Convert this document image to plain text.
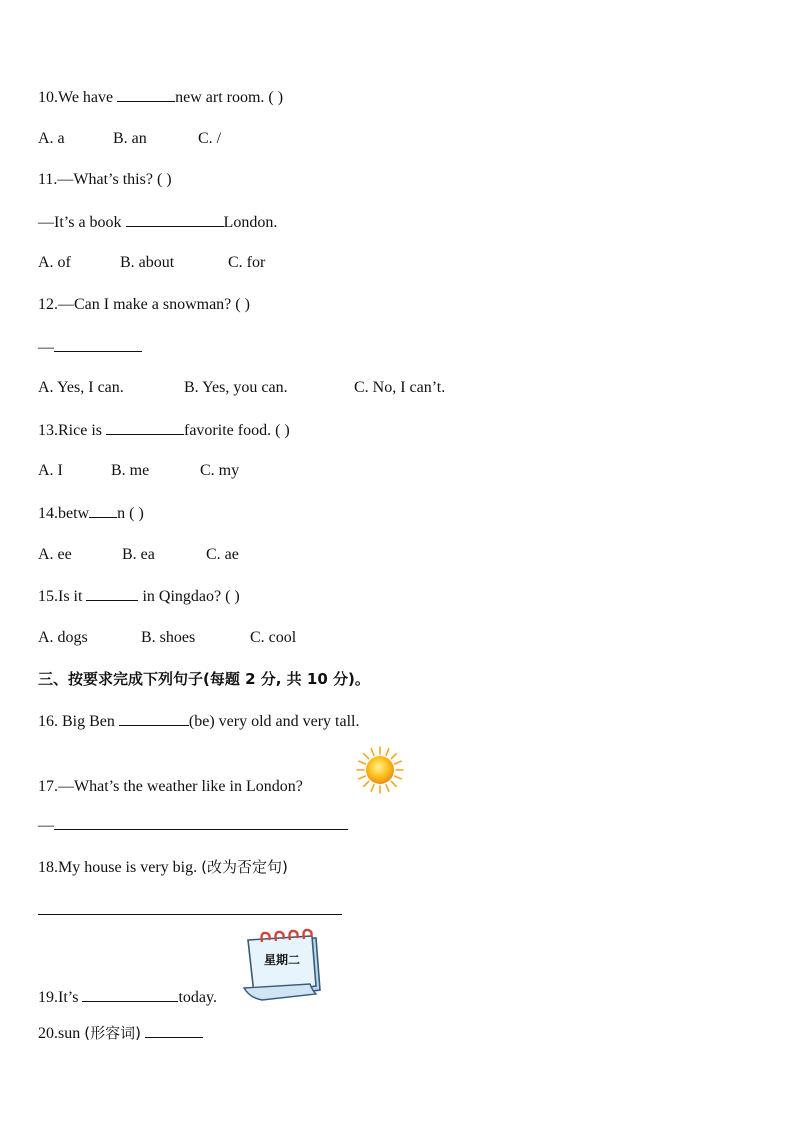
10.We have	new art room. ( )
A. a	B. an	C. /
11.—What’s this? ( )
—It’s a book	London.
A. of	B. about	C. for
12.—Can I make a snowman? ( )
—
A. Yes, I can.	B. Yes, you can.	C. No, I can’t.
13.Rice is	favorite food. ( )
A. I	B. me	C. my
14.betw n ( )
A. ee	B. ea	C. ae
15.Is it	in Qingdao? ( )
A. dogs	B. shoes	C. cool
三、按要求完成下列句子(每题 2 分, 共 10 分)。
16. Big Ben	(be) very old and very tall.
17.—What’s the weather like in London?
—
18.My house is very big. (改为否定句)
星期二
19.It’s	today.
20.sun (形容词)
